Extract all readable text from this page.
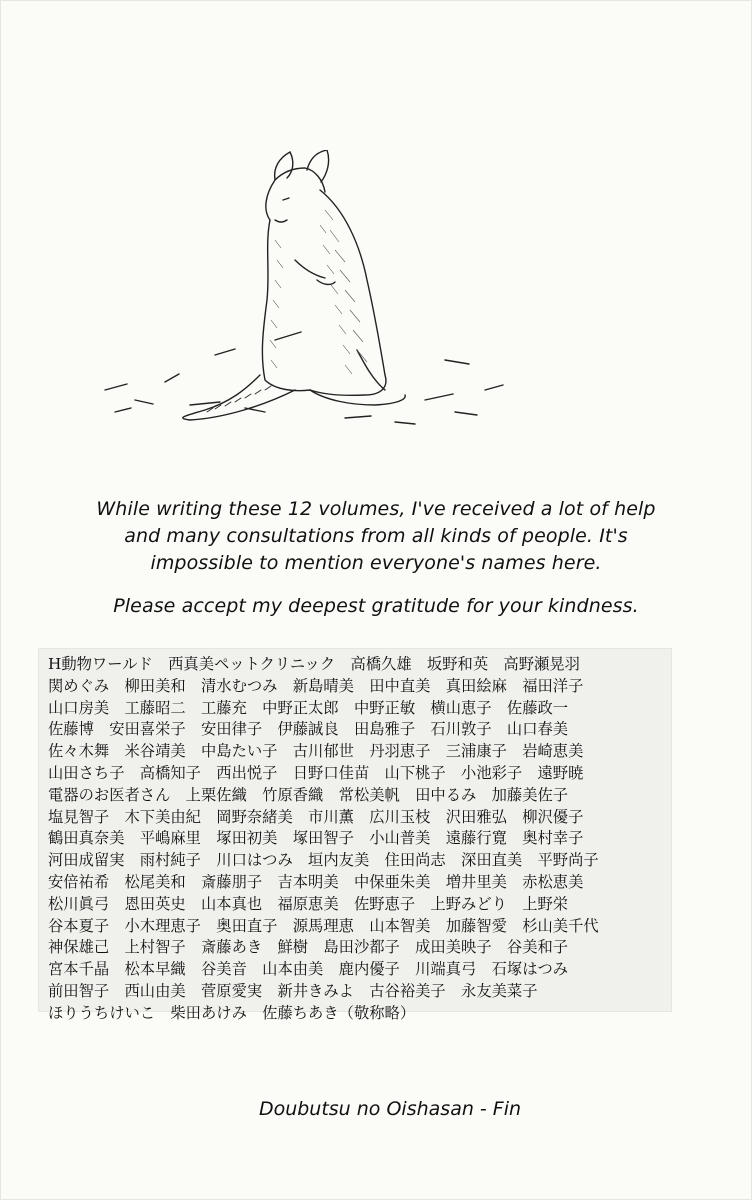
While writing these 12 volumes, I've received a lot of help

and many consultations from all kinds of people. It's

impossible to mention everyone's names here.

Please accept my deepest gratitude for your kindness.

H動物ワールド　西真美ペットクリニック　高橋久雄　坂野和英　高野瀬晃羽
関めぐみ　柳田美和　清水むつみ　新島晴美　田中直美　真田絵麻　福田洋子
山口房美　工藤昭二　工藤充　中野正太郎　中野正敏　横山恵子　佐藤政一
佐藤博　安田喜栄子　安田律子　伊藤誠良　田島雅子　石川敦子　山口春美
佐々木舞　米谷靖美　中島たい子　古川郁世　丹羽恵子　三浦康子　岩崎恵美
山田さち子　高橋知子　西出悦子　日野口佳苗　山下桃子　小池彩子　遠野暁
電器のお医者さん　上栗佐織　竹原香織　常松美帆　田中るみ　加藤美佐子
塩見智子　木下美由紀　岡野奈緒美　市川薫　広川玉枝　沢田雅弘　柳沢優子
鶴田真奈美　平嶋麻里　塚田初美　塚田智子　小山普美　遠藤行寛　奥村幸子
河田成留実　雨村純子　川口はつみ　垣内友美　住田尚志　深田直美　平野尚子
安倍祐希　松尾美和　斎藤朋子　吉本明美　中保亜朱美　増井里美　赤松恵美
松川眞弓　恩田英史　山本真也　福原恵美　佐野恵子　上野みどり　上野栄
谷本夏子　小木理恵子　奥田直子　源馬理恵　山本智美　加藤智愛　杉山美千代
神保雄己　上村智子　斎藤あき　鮮樹　島田沙都子　成田美映子　谷美和子
宮本千晶　松本早織　谷美音　山本由美　鹿内優子　川端真弓　石塚はつみ
前田智子　西山由美　菅原愛実　新井きみよ　古谷裕美子　永友美菜子
ほりうちけいこ　柴田あけみ　佐藤ちあき（敬称略）
Doubutsu no Oishasan - Fin
